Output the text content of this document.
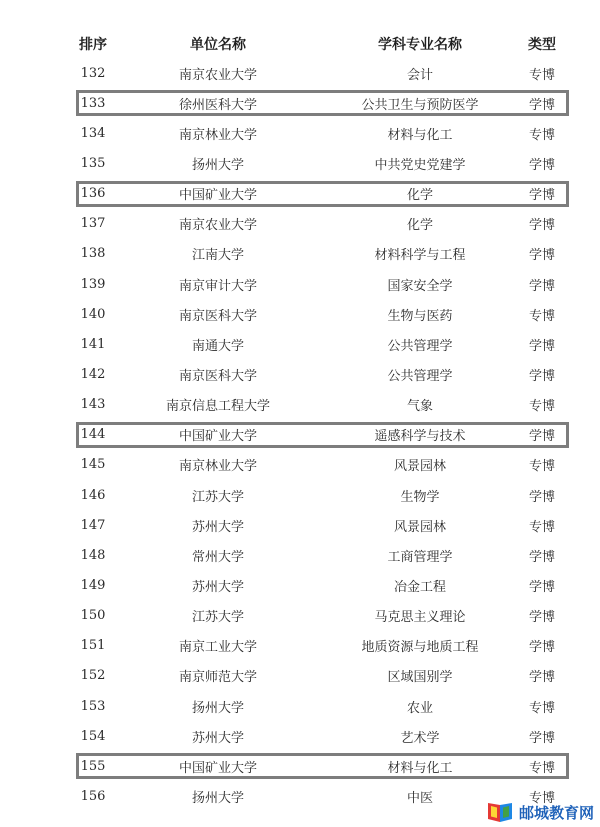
排序	单位名称	学科专业名称	类型
132	南京农业大学	会计	专博
133	徐州医科大学	公共卫生与预防医学	学博
134	南京林业大学	材料与化工	专博
135	扬州大学	中共党史党建学	学博
136	中国矿业大学	化学	学博
137	南京农业大学	化学	学博
138	江南大学	材料科学与工程	学博
139	南京审计大学	国家安全学	学博
140	南京医科大学	生物与医药	专博
141	南通大学	公共管理学	学博
142	南京医科大学	公共管理学	学博
143	南京信息工程大学	气象	专博
144	中国矿业大学	遥感科学与技术	学博
145	南京林业大学	风景园林	专博
146	江苏大学	生物学	学博
147	苏州大学	风景园林	专博
148	常州大学	工商管理学	学博
149	苏州大学	冶金工程	学博
150	江苏大学	马克思主义理论	学博
151	南京工业大学	地质资源与地质工程	学博
152	南京师范大学	区域国别学	学博
153	扬州大学	农业	专博
154	苏州大学	艺术学	学博
155	中国矿业大学	材料与化工	专博
156	扬州大学	中医	专博
邮城教育网
